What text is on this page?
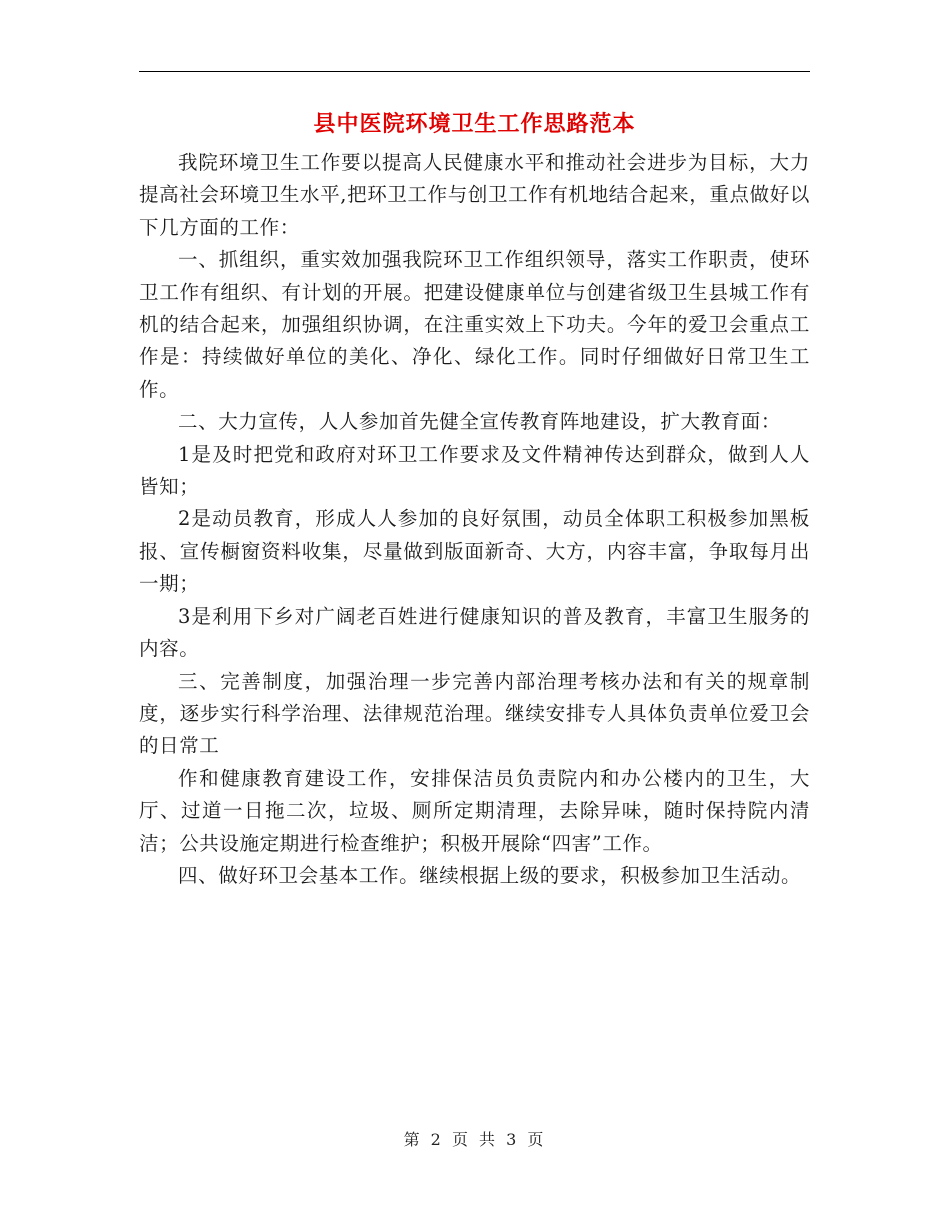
县中医院环境卫生工作思路范本

我院环境卫生工作要以提高人民健康水平和推动社会进步为目标，大力提高社会环境卫生水平,把环卫工作与创卫工作有机地结合起来，重点做好以下几方面的工作：

一、抓组织，重实效加强我院环卫工作组织领导，落实工作职责，使环卫工作有组织、有计划的开展。把建设健康单位与创建省级卫生县城工作有机的结合起来，加强组织协调，在注重实效上下功夫。今年的爱卫会重点工作是：持续做好单位的美化、净化、绿化工作。同时仔细做好日常卫生工作。

二、大力宣传，人人参加首先健全宣传教育阵地建设，扩大教育面：

1是及时把党和政府对环卫工作要求及文件精神传达到群众，做到人人皆知；

2是动员教育，形成人人参加的良好氛围，动员全体职工积极参加黑板报、宣传橱窗资料收集，尽量做到版面新奇、大方，内容丰富，争取每月出一期；

3是利用下乡对广阔老百姓进行健康知识的普及教育，丰富卫生服务的内容。

三、完善制度，加强治理一步完善内部治理考核办法和有关的规章制度，逐步实行科学治理、法律规范治理。继续安排专人具体负责单位爱卫会的日常工

作和健康教育建设工作，安排保洁员负责院内和办公楼内的卫生，大厅、过道一日拖二次，垃圾、厕所定期清理，去除异味，随时保持院内清洁；公共设施定期进行检查维护；积极开展除“四害”工作。

四、做好环卫会基本工作。继续根据上级的要求，积极参加卫生活动。

第 2 页 共 3 页
